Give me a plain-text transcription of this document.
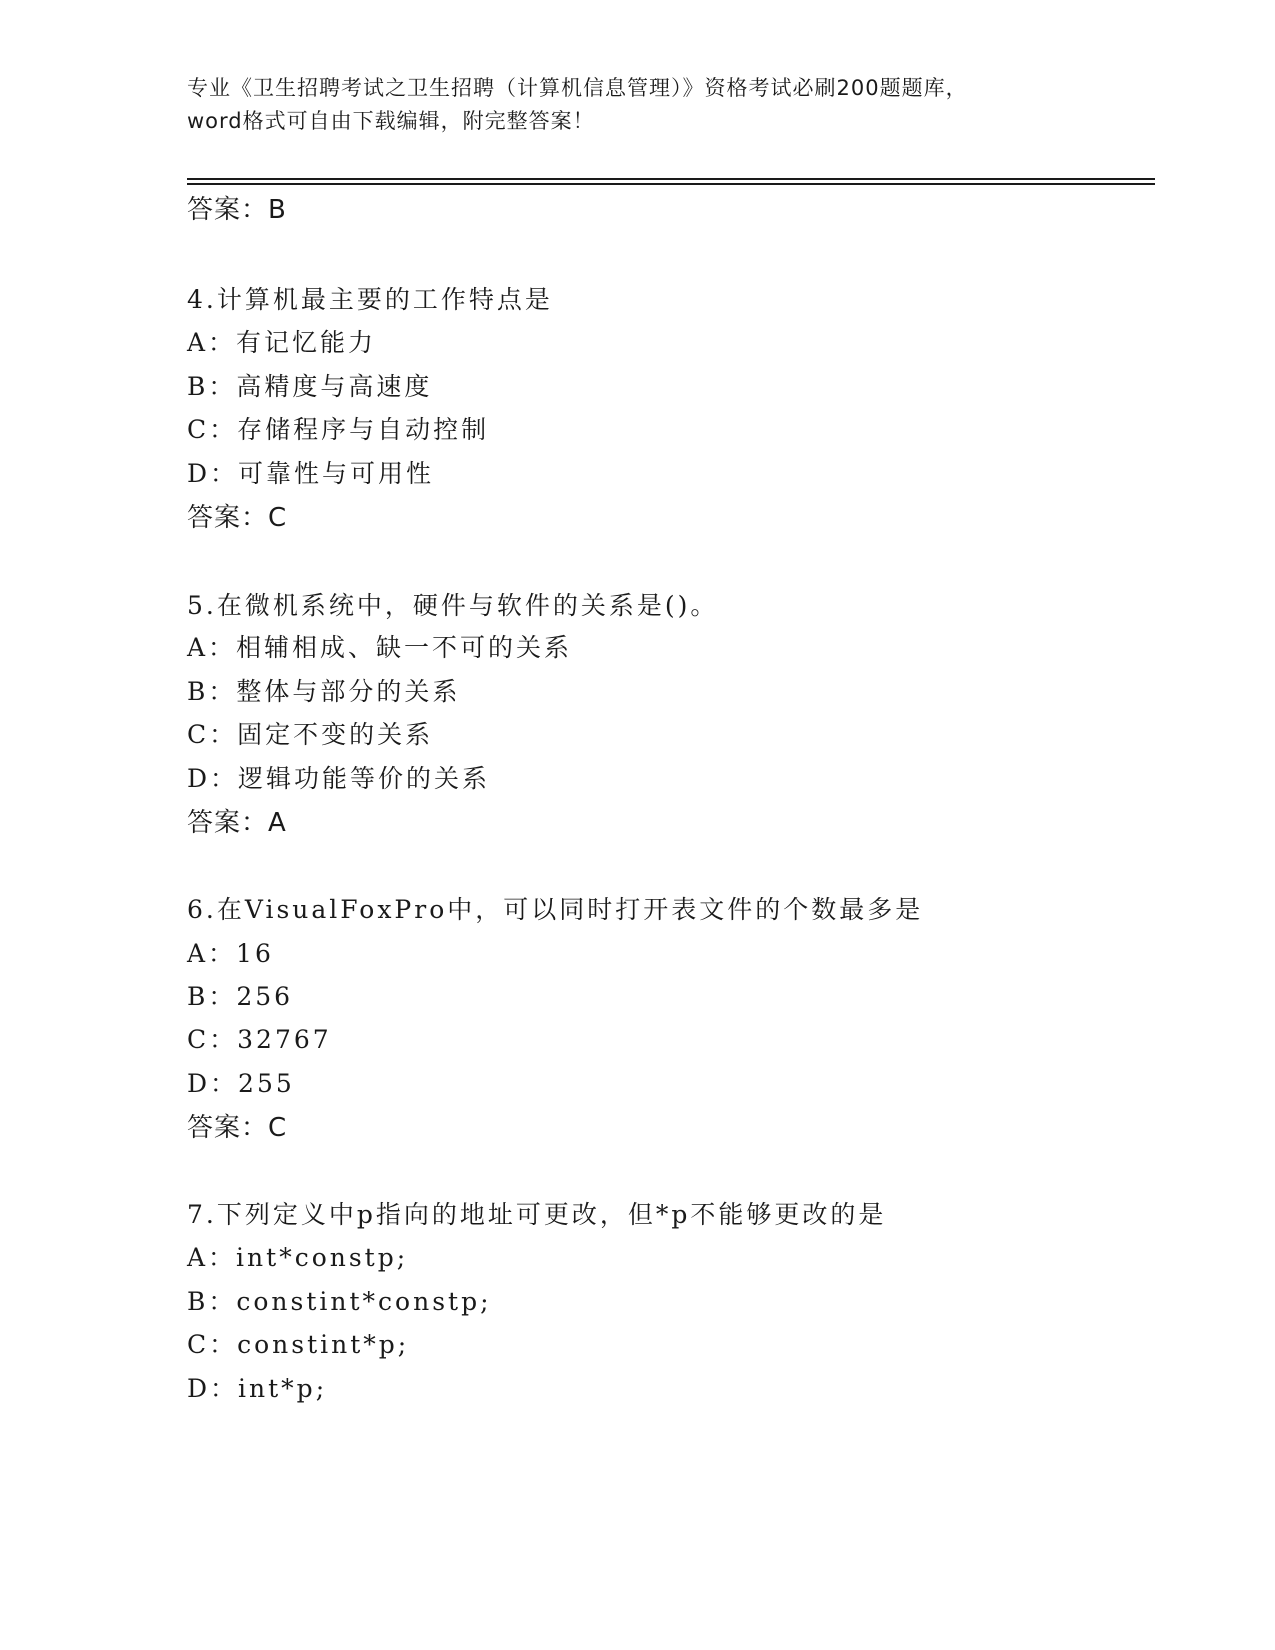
专业《卫生招聘考试之卫生招聘（计算机信息管理）》资格考试必刷200题题库，
word格式可自由下载编辑，附完整答案！
答案：B
4.计算机最主要的工作特点是
A：有记忆能力
B：高精度与高速度
C：存储程序与自动控制
D：可靠性与可用性
答案：C
5.在微机系统中，硬件与软件的关系是()。
A：相辅相成、缺一不可的关系
B：整体与部分的关系
C：固定不变的关系
D：逻辑功能等价的关系
答案：A
6.在VisualFoxPro中，可以同时打开表文件的个数最多是
A：16
B：256
C：32767
D：255
答案：C
7.下列定义中p指向的地址可更改，但*p不能够更改的是
A：int*constp;
B：constint*constp;
C：constint*p;
D：int*p;
